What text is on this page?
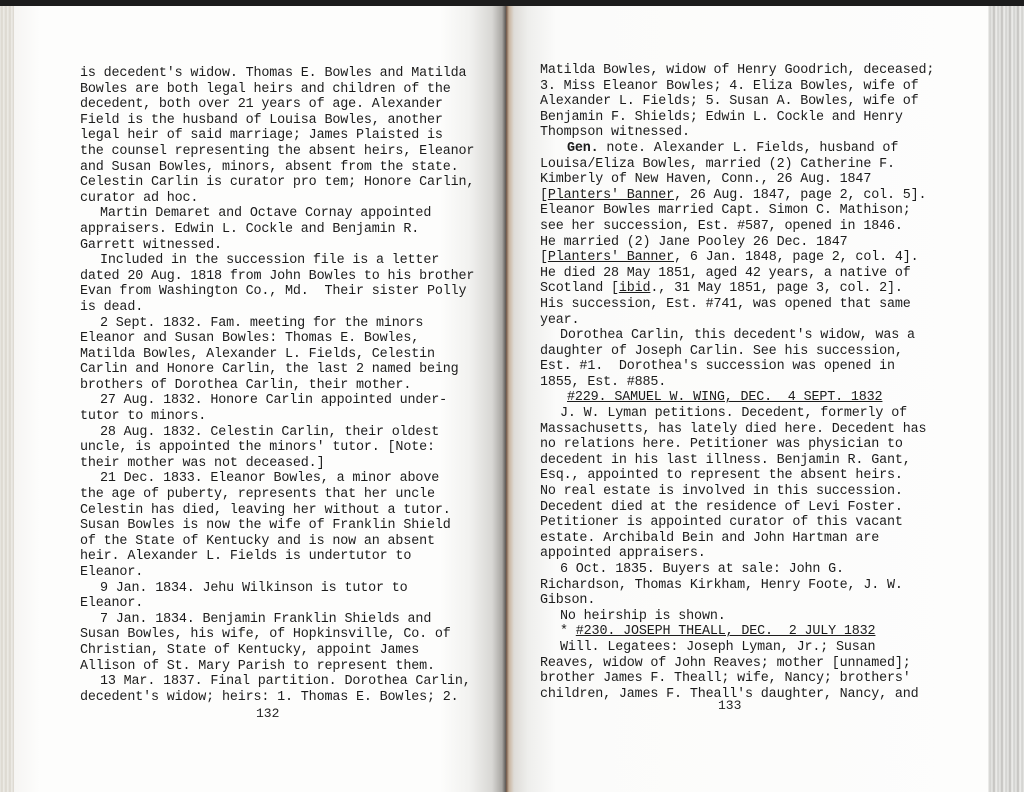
is decedent's widow. Thomas E. Bowles and Matilda
Bowles are both legal heirs and children of the
decedent, both over 21 years of age. Alexander
Field is the husband of Louisa Bowles, another
legal heir of said marriage; James Plaisted is
the counsel representing the absent heirs, Eleanor
and Susan Bowles, minors, absent from the state.
Celestin Carlin is curator pro tem; Honore Carlin,
curator ad hoc.
Martin Demaret and Octave Cornay appointed
appraisers. Edwin L. Cockle and Benjamin R.
Garrett witnessed.
Included in the succession file is a letter
dated 20 Aug. 1818 from John Bowles to his brother
Evan from Washington Co., Md.  Their sister Polly
is dead.
2 Sept. 1832. Fam. meeting for the minors
Eleanor and Susan Bowles: Thomas E. Bowles,
Matilda Bowles, Alexander L. Fields, Celestin
Carlin and Honore Carlin, the last 2 named being
brothers of Dorothea Carlin, their mother.
27 Aug. 1832. Honore Carlin appointed under-
tutor to minors.
28 Aug. 1832. Celestin Carlin, their oldest
uncle, is appointed the minors' tutor. [Note:
their mother was not deceased.]
21 Dec. 1833. Eleanor Bowles, a minor above
the age of puberty, represents that her uncle
Celestin has died, leaving her without a tutor.
Susan Bowles is now the wife of Franklin Shield
of the State of Kentucky and is now an absent
heir. Alexander L. Fields is undertutor to
Eleanor.
9 Jan. 1834. Jehu Wilkinson is tutor to
Eleanor.
7 Jan. 1834. Benjamin Franklin Shields and
Susan Bowles, his wife, of Hopkinsville, Co. of
Christian, State of Kentucky, appoint James
Allison of St. Mary Parish to represent them.
13 Mar. 1837. Final partition. Dorothea Carlin,
decedent's widow; heirs: 1. Thomas E. Bowles; 2.
132
Matilda Bowles, widow of Henry Goodrich, deceased;
3. Miss Eleanor Bowles; 4. Eliza Bowles, wife of
Alexander L. Fields; 5. Susan A. Bowles, wife of
Benjamin F. Shields; Edwin L. Cockle and Henry
Thompson witnessed.
Gen. note. Alexander L. Fields, husband of
Louisa/Eliza Bowles, married (2) Catherine F.
Kimberly of New Haven, Conn., 26 Aug. 1847
[Planters' Banner, 26 Aug. 1847, page 2, col. 5].
Eleanor Bowles married Capt. Simon C. Mathison;
see her succession, Est. #587, opened in 1846.
He married (2) Jane Pooley 26 Dec. 1847
[Planters' Banner, 6 Jan. 1848, page 2, col. 4].
He died 28 May 1851, aged 42 years, a native of
Scotland [ibid., 31 May 1851, page 3, col. 2].
His succession, Est. #741, was opened that same
year.
Dorothea Carlin, this decedent's widow, was a
daughter of Joseph Carlin. See his succession,
Est. #1.  Dorothea's succession was opened in
1855, Est. #885.
#229. SAMUEL W. WING, DEC.  4 SEPT. 1832
J. W. Lyman petitions. Decedent, formerly of
Massachusetts, has lately died here. Decedent has
no relations here. Petitioner was physician to
decedent in his last illness. Benjamin R. Gant,
Esq., appointed to represent the absent heirs.
No real estate is involved in this succession.
Decedent died at the residence of Levi Foster.
Petitioner is appointed curator of this vacant
estate. Archibald Bein and John Hartman are
appointed appraisers.
6 Oct. 1835. Buyers at sale: John G.
Richardson, Thomas Kirkham, Henry Foote, J. W.
Gibson.
No heirship is shown.
* #230. JOSEPH THEALL, DEC.  2 JULY 1832
Will. Legatees: Joseph Lyman, Jr.; Susan
Reaves, widow of John Reaves; mother [unnamed];
brother James F. Theall; wife, Nancy; brothers'
children, James F. Theall's daughter, Nancy, and
133
